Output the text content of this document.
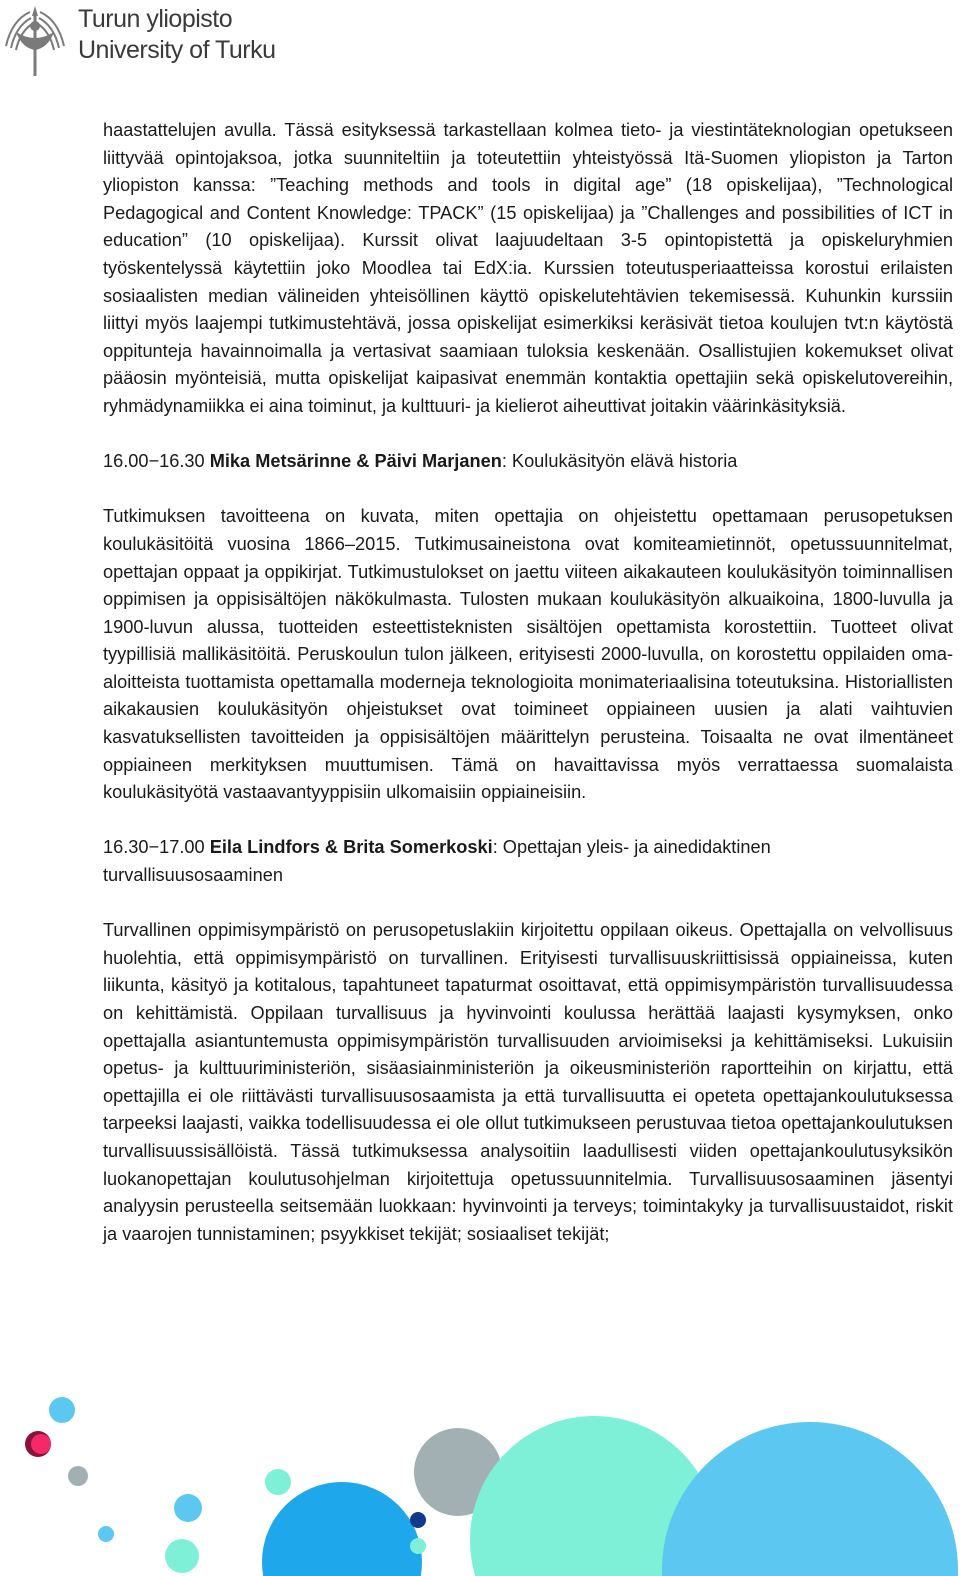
Turun yliopisto
University of Turku

haastattelujen avulla. Tässä esityksessä tarkastellaan kolmea tieto- ja viestintäteknologian opetukseen liittyvää opintojaksoa, jotka suunniteltiin ja toteutettiin yhteistyössä Itä-Suomen yliopiston ja Tarton yliopiston kanssa: ”Teaching methods and tools in digital age” (18 opiskelijaa), ”Technological Pedagogical and Content Knowledge: TPACK” (15 opiskelijaa) ja ”Challenges and possibilities of ICT in education” (10 opiskelijaa). Kurssit olivat laajuudeltaan 3-5 opintopistettä ja opiskeluryhmien työskentelyssä käytettiin joko Moodlea tai EdX:ia. Kurssien toteutusperiaatteissa korostui erilaisten sosiaalisten median välineiden yhteisöllinen käyttö opiskelutehtävien tekemisessä. Kuhunkin kurssiin liittyi myös laajempi tutkimustehtävä, jossa opiskelijat esimerkiksi keräsivät tietoa koulujen tvt:n käytöstä oppitunteja havainnoimalla ja vertasivat saamiaan tuloksia keskenään. Osallistujien kokemukset olivat pääosin myönteisiä, mutta opiskelijat kaipasivat enemmän kontaktia opettajiin sekä opiskelutovereihin, ryhmädynamiikka ei aina toiminut, ja kulttuuri- ja kielierot aiheuttivat joitakin väärinkäsityksiä.

16.00−16.30 Mika Metsärinne & Päivi Marjanen: Koulukäsityön elävä historia

Tutkimuksen tavoitteena on kuvata, miten opettajia on ohjeistettu opettamaan perusopetuksen koulukäsitöitä vuosina 1866–2015. Tutkimusaineistona ovat komiteamietinnöt, opetussuunnitelmat, opettajan oppaat ja oppikirjat. Tutkimustulokset on jaettu viiteen aikakauteen koulukäsityön toiminnallisen oppimisen ja oppisisältöjen näkökulmasta. Tulosten mukaan koulukäsityön alkuaikoina, 1800-luvulla ja 1900-luvun alussa, tuotteiden esteettisteknisten sisältöjen opettamista korostettiin. Tuotteet olivat tyypillisiä mallikäsitöitä. Peruskoulun tulon jälkeen, erityisesti 2000-luvulla, on korostettu oppilaiden oma-aloitteista tuottamista opettamalla moderneja teknologioita monimateriaalisina toteutuksina. Historiallisten aikakausien koulukäsityön ohjeistukset ovat toimineet oppiaineen uusien ja alati vaihtuvien kasvatuksellisten tavoitteiden ja oppisisältöjen määrittelyn perusteina. Toisaalta ne ovat ilmentäneet oppiaineen merkityksen muuttumisen. Tämä on havaittavissa myös verrattaessa suomalaista koulukäsityötä vastaavantyyppisiin ulkomaisiin oppiaineisiin.

16.30−17.00 Eila Lindfors & Brita Somerkoski: Opettajan yleis- ja ainedidaktinen turvallisuusosaaminen

Turvallinen oppimisympäristö on perusopetuslakiin kirjoitettu oppilaan oikeus. Opettajalla on velvollisuus huolehtia, että oppimisympäristö on turvallinen. Erityisesti turvallisuuskriittisissä oppiaineissa, kuten liikunta, käsityö ja kotitalous, tapahtuneet tapaturmat osoittavat, että oppimisympäristön turvallisuudessa on kehittämistä. Oppilaan turvallisuus ja hyvinvointi koulussa herättää laajasti kysymyksen, onko opettajalla asiantuntemusta oppimisympäristön turvallisuuden arvioimiseksi ja kehittämiseksi. Lukuisiin opetus- ja kulttuuriministeriön, sisäasiainministeriön ja oikeusministeriön raportteihin on kirjattu, että opettajilla ei ole riittävästi turvallisuusosaamista ja että turvallisuutta ei opeteta opettajankoulutuksessa tarpeeksi laajasti, vaikka todellisuudessa ei ole ollut tutkimukseen perustuvaa tietoa opettajankoulutuksen turvallisuussisällöistä. Tässä tutkimuksessa analysoitiin laadullisesti viiden opettajankoulutusyksikön luokanopettajan koulutusohjelman kirjoitettuja opetussuunnitelmia. Turvallisuusosaaminen jäsentyi analyysin perusteella seitsemään luokkaan: hyvinvointi ja terveys; toimintakyky ja turvallisuustaidot, riskit ja vaarojen tunnistaminen; psyykkiset tekijät; sosiaaliset tekijät;
